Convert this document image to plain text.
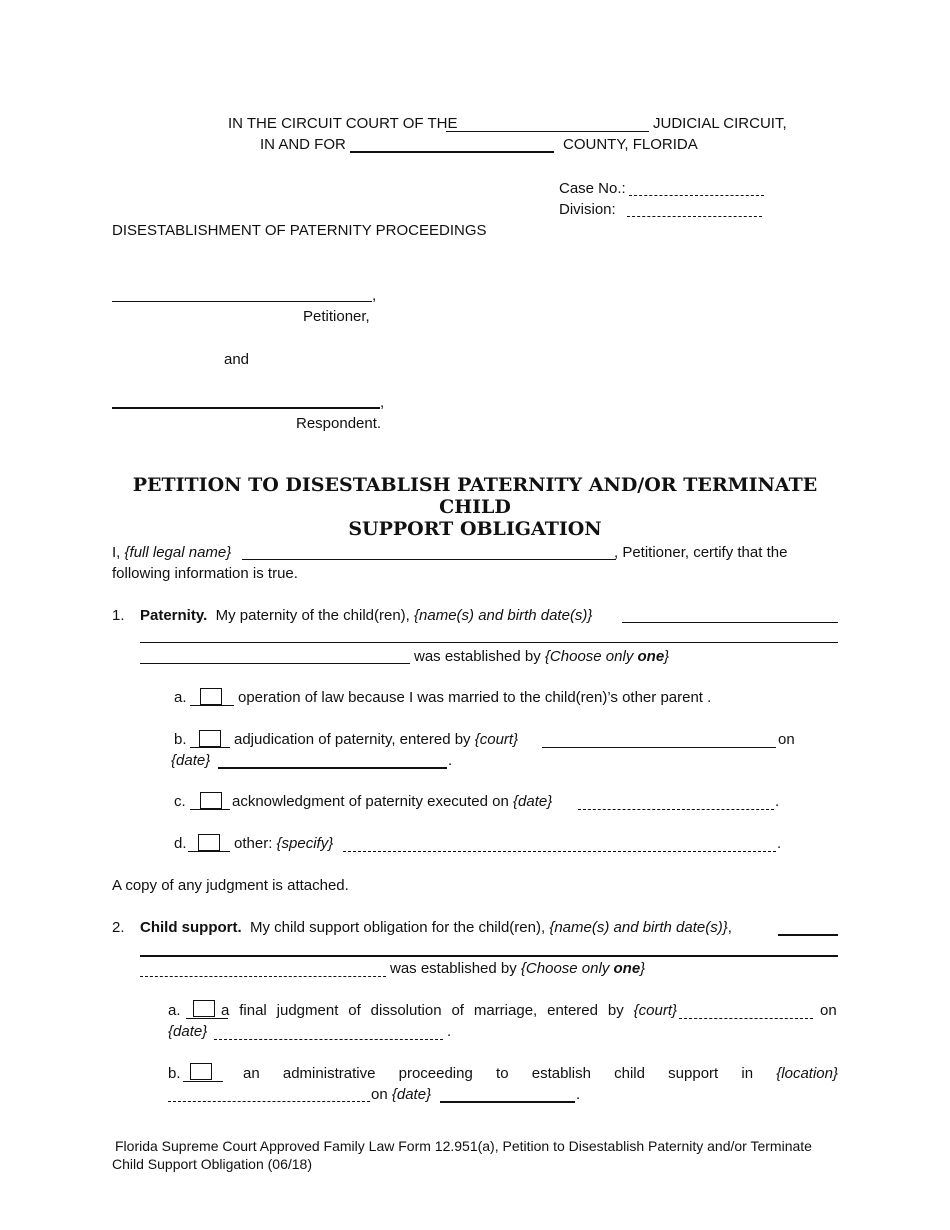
IN THE CIRCUIT COURT OF THE	JUDICIAL CIRCUIT,
IN AND FOR	COUNTY, FLORIDA
Case No.:
Division:
DISESTABLISHMENT OF PATERNITY PROCEEDINGS
,
Petitioner,
and
,
Respondent.
PETITION TO DISESTABLISH PATERNITY AND/OR TERMINATE CHILD
SUPPORT OBLIGATION
I, {full legal name}	, Petitioner, certify that the
following information is true.
1. Paternity. My paternity of the child(ren), {name(s) and birth date(s)}
was established by {Choose only one}
a.	operation of law because I was married to the child(ren)’s other parent .
b.	adjudication of paternity, entered by {court}	on
{date}	.
c.	acknowledgment of paternity executed on {date}	.
d.	other: {specify}	.
A copy of any judgment is attached.
2. Child support. My child support obligation for the child(ren), {name(s) and birth date(s)},
was established by {Choose only one}
a.	a final judgment of dissolution of marriage, entered by {court}	on
{date}	.
b.	an administrative proceeding to establish child support in {location}
on {date}	.
Florida Supreme Court Approved Family Law Form 12.951(a), Petition to Disestablish Paternity and/or Terminate
Child Support Obligation (06/18)
